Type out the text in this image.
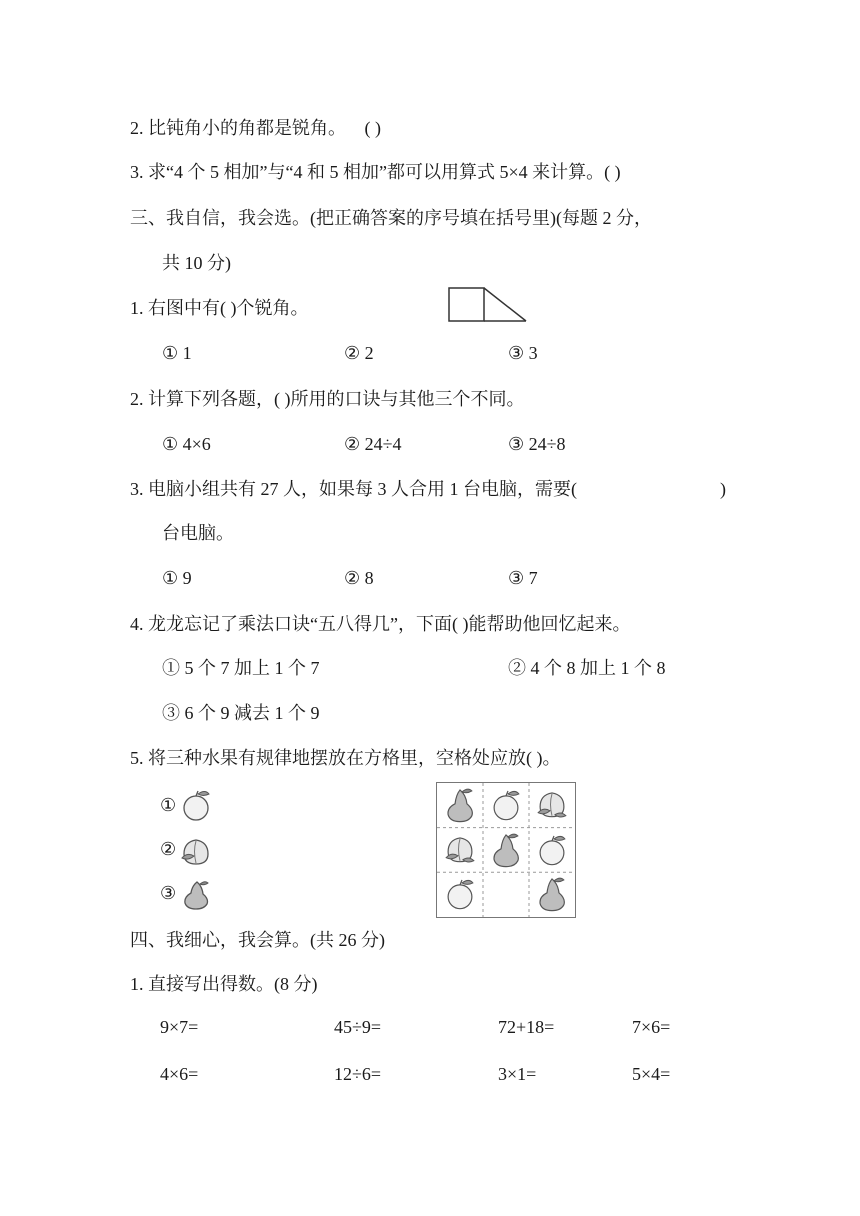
2. 比钝角小的角都是锐角。 ( )
3. 求“4 个 5 相加”与“4 和 5 相加”都可以用算式 5×4 来计算。( )
三、我自信，我会选。(把正确答案的序号填在括号里)(每题 2 分，
共 10 分)
1. 右图中有( )个锐角。
① 1	② 2	③ 3
2. 计算下列各题，( )所用的口诀与其他三个不同。
① 4×6	② 24÷4	③ 24÷8
3. 电脑小组共有 27 人，如果每 3 人合用 1 台电脑，需要(	)
台电脑。
① 9	② 8	③ 7
4. 龙龙忘记了乘法口诀“五八得几”，下面( )能帮助他回忆起来。
① 5 个 7 加上 1 个 7	② 4 个 8 加上 1 个 8
③ 6 个 9 减去 1 个 9
5. 将三种水果有规律地摆放在方格里，空格处应放( )。
①
②
③
四、我细心，我会算。(共 26 分)
1. 直接写出得数。(8 分)
9×7=	45÷9=	72+18=	7×6=
4×6=	12÷6=	3×1=	5×4=
